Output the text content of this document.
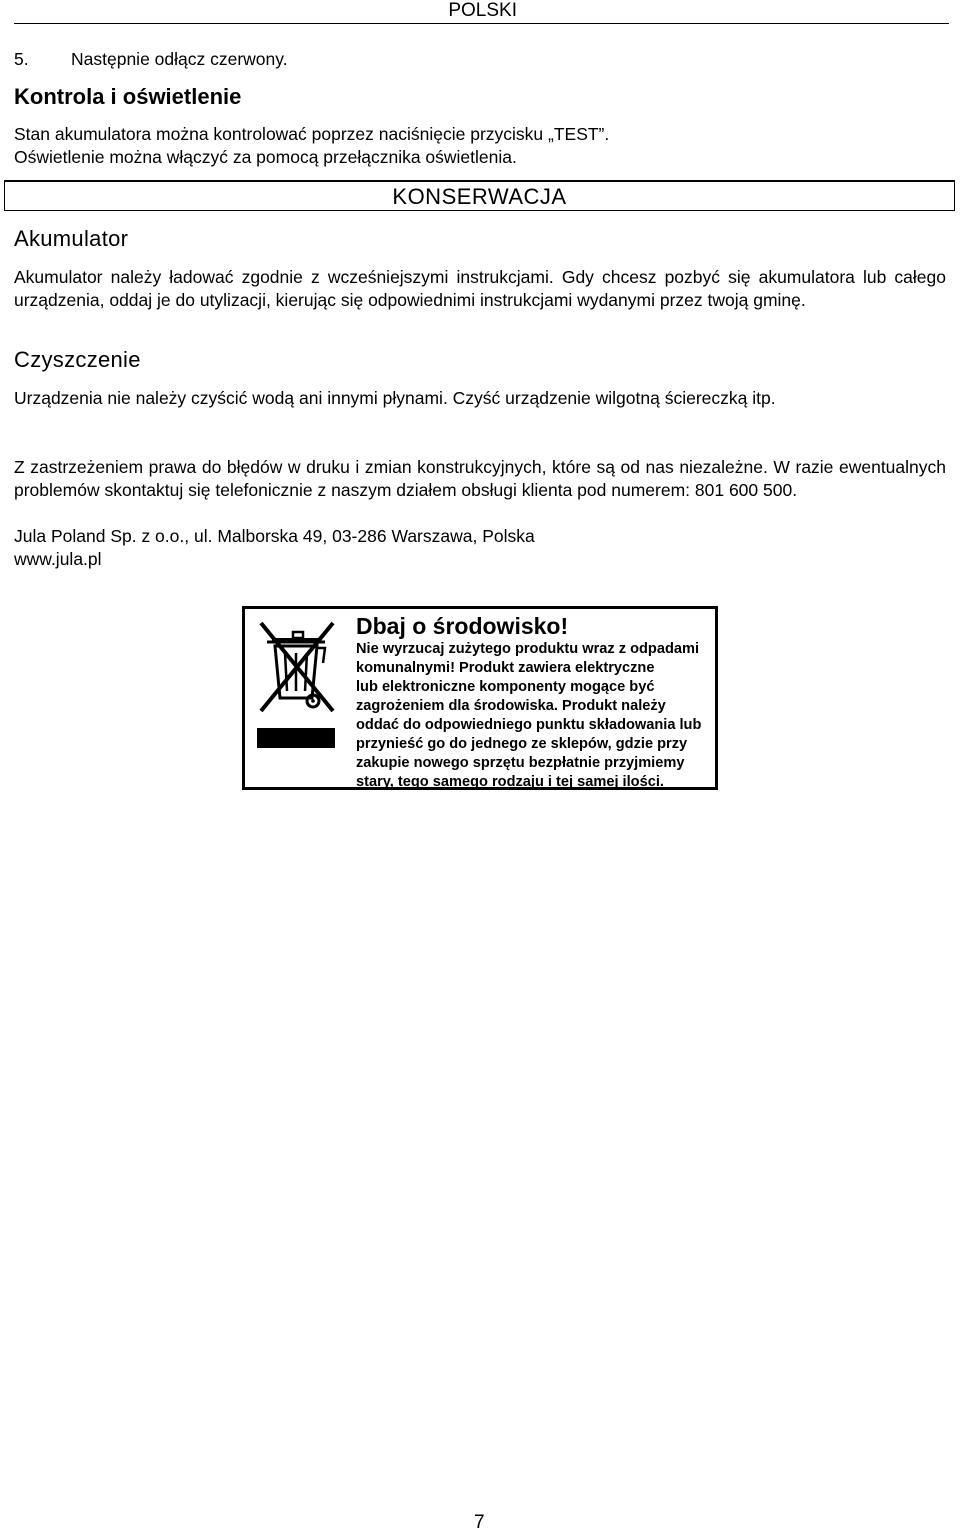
POLSKI
5.	Następnie odłącz czerwony.
Kontrola i oświetlenie
Stan akumulatora można kontrolować poprzez naciśnięcie przycisku „TEST”.
Oświetlenie można włączyć za pomocą przełącznika oświetlenia.
KONSERWACJA
Akumulator
Akumulator należy ładować zgodnie z wcześniejszymi instrukcjami. Gdy chcesz pozbyć się akumulatora lub całego urządzenia, oddaj je do utylizacji, kierując się odpowiednimi instrukcjami wydanymi przez twoją gminę.
Czyszczenie
Urządzenia nie należy czyścić wodą ani innymi płynami. Czyść urządzenie wilgotną ściereczką itp.
Z zastrzeżeniem prawa do błędów w druku i zmian konstrukcyjnych, które są od nas niezależne. W razie ewentualnych problemów skontaktuj się telefonicznie z naszym działem obsługi klienta pod numerem: 801 600 500.
Jula Poland Sp. z o.o., ul. Malborska 49, 03-286 Warszawa, Polska
www.jula.pl
Dbaj o środowisko!
Nie wyrzucaj zużytego produktu wraz z odpadami
komunalnymi! Produkt zawiera elektryczne
lub elektroniczne komponenty mogące być
zagrożeniem dla środowiska. Produkt należy
oddać do odpowiedniego punktu składowania lub
przynieść go do jednego ze sklepów, gdzie przy
zakupie nowego sprzętu bezpłatnie przyjmiemy
stary, tego samego rodzaju i tej samej ilości.
7
